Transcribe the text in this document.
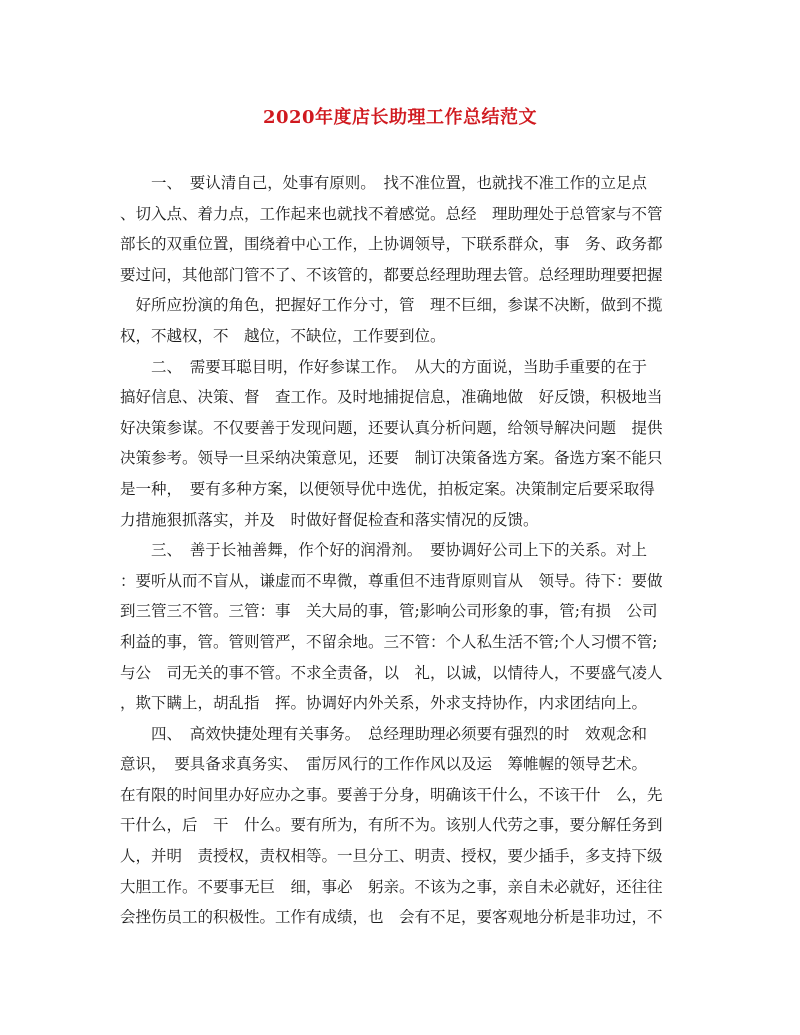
2020年度店长助理工作总结范文
　　一、　要认清自己，处事有原则。　找不准位置，也就找不准工作的立足点
、切入点、着力点，工作起来也就找不着感觉。总经　理助理处于总管家与不管
部长的双重位置，围绕着中心工作，上协调领导，下联系群众，事　务、政务都
要过问，其他部门管不了、不该管的，都要总经理助理去管。总经理助理要把握
　好所应扮演的角色，把握好工作分寸，管　理不巨细，参谋不决断，做到不揽
权，不越权，不　越位，不缺位，工作要到位。
　　二、　需要耳聪目明，作好参谋工作。　从大的方面说，当助手重要的在于
搞好信息、决策、督　查工作。及时地捕捉信息，准确地做　好反馈，积极地当
好决策参谋。不仅要善于发现问题，还要认真分析问题，给领导解决问题　提供
决策参考。领导一旦采纳决策意见，还要　制订决策备选方案。备选方案不能只
是一种，　要有多种方案，以便领导优中选优，拍板定案。决策制定后要采取得
力措施狠抓落实，并及　时做好督促检查和落实情况的反馈。
　　三、　善于长袖善舞，作个好的润滑剂。　要协调好公司上下的关系。对上
：要听从而不盲从，谦虚而不卑微，尊重但不违背原则盲从　领导。待下：要做
到三管三不管。三管：事　关大局的事，管;影响公司形象的事，管;有损　公司
利益的事，管。管则管严，不留余地。三不管：个人私生活不管;个人习惯不管;
与公　司无关的事不管。不求全责备，以　礼，以诚，以情待人，不要盛气凌人
，欺下瞒上，胡乱指　挥。协调好内外关系，外求支持协作，内求团结向上。
　　四、　高效快捷处理有关事务。　总经理助理必须要有强烈的时　效观念和
意识，　要具备求真务实、　雷厉风行的工作作风以及运　筹帷幄的领导艺术。
在有限的时间里办好应办之事。要善于分身，明确该干什么，不该干什　么，先
干什么，后　干　什么。要有所为，有所不为。该别人代劳之事，要分解任务到
人，并明　责授权，责权相等。一旦分工、明责、授权，要少插手，多支持下级
大胆工作。不要事无巨　细，事必　躬亲。不该为之事，亲自未必就好，还往往
会挫伤员工的积极性。工作有成绩，也　会有不足，要客观地分析是非功过，不
